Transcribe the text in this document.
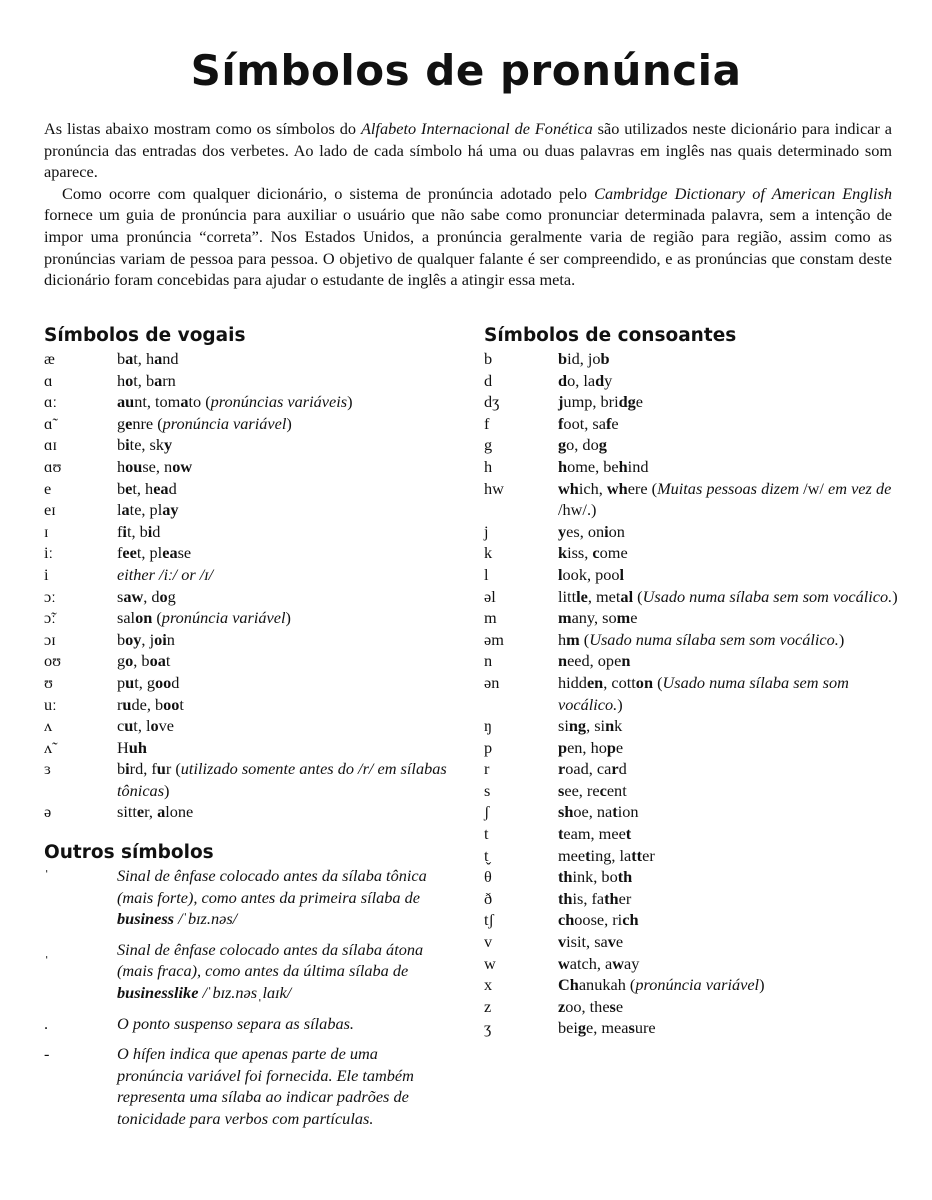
Símbolos de pronúncia

As listas abaixo mostram como os símbolos do Alfabeto Internacional de Fonética são utilizados neste dicionário para indicar a pronúncia das entradas dos verbetes. Ao lado de cada símbolo há uma ou duas palavras em inglês nas quais determinado som aparece.

Como ocorre com qualquer dicionário, o sistema de pronúncia adotado pelo Cambridge Dictionary of American English fornece um guia de pronúncia para auxiliar o usuário que não sabe como pronunciar determinada palavra, sem a intenção de impor uma pronúncia “correta”. Nos Estados Unidos, a pronúncia geralmente varia de região para região, assim como as pronúncias variam de pessoa para pessoa. O objetivo de qualquer falante é ser compreendido, e as pronúncias que constam deste dicionário foram concebidas para ajudar o estudante de inglês a atingir essa meta.

Símbolos de vogais
æ	bat, hand
ɑ	hot, barn
ɑː	aunt, tomato (pronúncias variáveis)
ɑ̃	genre (pronúncia variável)
ɑɪ	bite, sky
ɑʊ	house, now
e	bet, head
eɪ	late, play
ɪ	fit, bid
iː	feet, please
i	either /iː/ or /ɪ/
ɔː	saw, dog
ɔ̃ː	salon (pronúncia variável)
ɔɪ	boy, join
oʊ	go, boat
ʊ	put, good
uː	rude, boot
ʌ	cut, love
ʌ̃	Huh
ɜ	bird, fur (utilizado somente antes do /r/ em sílabas tônicas)
ə	sitter, alone
Outros símbolos
ˈ	Sinal de ênfase colocado antes da sílaba tônica (mais forte), como antes da primeira sílaba de business /ˈbɪz.nəs/
ˌ	Sinal de ênfase colocado antes da sílaba átona (mais fraca), como antes da última sílaba de businesslike /ˈbɪz.nəsˌlɑɪk/
.	O ponto suspenso separa as sílabas.
-	O hífen indica que apenas parte de uma pronúncia variável foi fornecida. Ele também representa uma sílaba ao indicar padrões de tonicidade para verbos com partículas.
Símbolos de consoantes
b	bid, job
d	do, lady
dʒ	jump, bridge
f	foot, safe
g	go, dog
h	home, behind
hw	which, where (Muitas pessoas dizem /w/ em vez de /hw/.)
j	yes, onion
k	kiss, come
l	look, pool
əl	little, metal (Usado numa sílaba sem som vocálico.)
m	many, some
əm	hm (Usado numa sílaba sem som vocálico.)
n	need, open
ən	hidden, cotton (Usado numa sílaba sem som vocálico.)
ŋ	sing, sink
p	pen, hope
r	road, card
s	see, recent
ʃ	shoe, nation
t	team, meet
t̬	meeting, latter
θ	think, both
ð	this, father
tʃ	choose, rich
v	visit, save
w	watch, away
x	Chanukah (pronúncia variável)
z	zoo, these
ʒ	beige, measure
